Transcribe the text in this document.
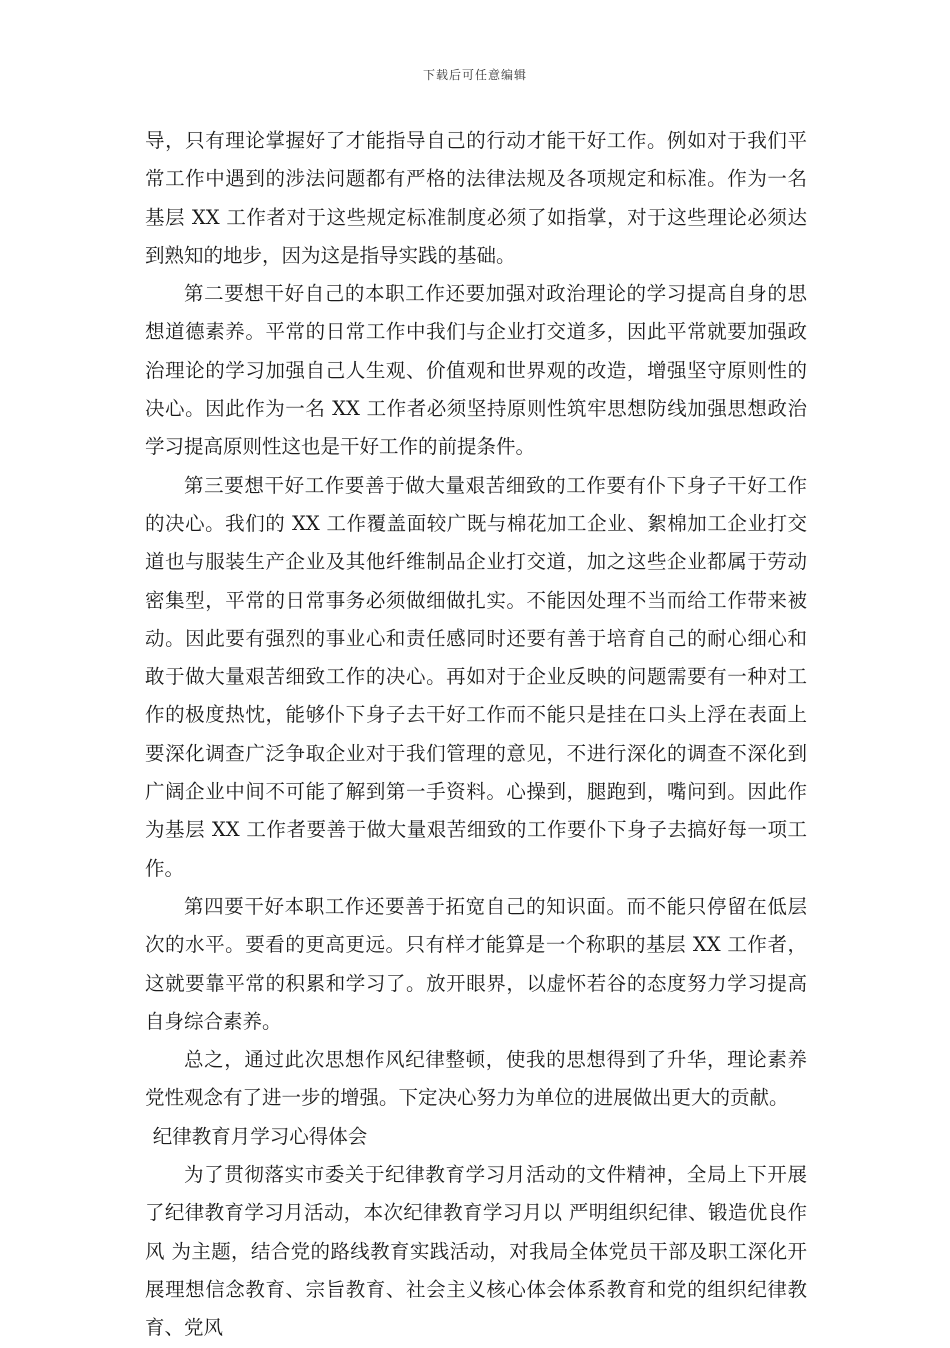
下载后可任意编辑

导，只有理论掌握好了才能指导自己的行动才能干好工作。例如对于我们平常工作中遇到的涉法问题都有严格的法律法规及各项规定和标准。作为一名基层 XX 工作者对于这些规定标准制度必须了如指掌，对于这些理论必须达到熟知的地步，因为这是指导实践的基础。

第二要想干好自己的本职工作还要加强对政治理论的学习提高自身的思想道德素养。平常的日常工作中我们与企业打交道多，因此平常就要加强政治理论的学习加强自己人生观、价值观和世界观的改造，增强坚守原则性的决心。因此作为一名 XX 工作者必须坚持原则性筑牢思想防线加强思想政治学习提高原则性这也是干好工作的前提条件。

第三要想干好工作要善于做大量艰苦细致的工作要有仆下身子干好工作的决心。我们的 XX 工作覆盖面较广既与棉花加工企业、絮棉加工企业打交道也与服装生产企业及其他纤维制品企业打交道，加之这些企业都属于劳动密集型，平常的日常事务必须做细做扎实。不能因处理不当而给工作带来被动。因此要有强烈的事业心和责任感同时还要有善于培育自己的耐心细心和敢于做大量艰苦细致工作的决心。再如对于企业反映的问题需要有一种对工作的极度热忱，能够仆下身子去干好工作而不能只是挂在口头上浮在表面上要深化调查广泛争取企业对于我们管理的意见，不进行深化的调查不深化到广阔企业中间不可能了解到第一手资料。心操到，腿跑到，嘴问到。因此作为基层 XX 工作者要善于做大量艰苦细致的工作要仆下身子去搞好每一项工作。

第四要干好本职工作还要善于拓宽自己的知识面。而不能只停留在低层次的水平。要看的更高更远。只有样才能算是一个称职的基层 XX 工作者，这就要靠平常的积累和学习了。放开眼界，以虚怀若谷的态度努力学习提高自身综合素养。

总之，通过此次思想作风纪律整顿，使我的思想得到了升华，理论素养党性观念有了进一步的增强。下定决心努力为单位的进展做出更大的贡献。

纪律教育月学习心得体会

为了贯彻落实市委关于纪律教育学习月活动的文件精神，全局上下开展了纪律教育学习月活动，本次纪律教育学习月以 严明组织纪律、锻造优良作风 为主题，结合党的路线教育实践活动，对我局全体党员干部及职工深化开展理想信念教育、宗旨教育、社会主义核心体会体系教育和党的组织纪律教育、党风
